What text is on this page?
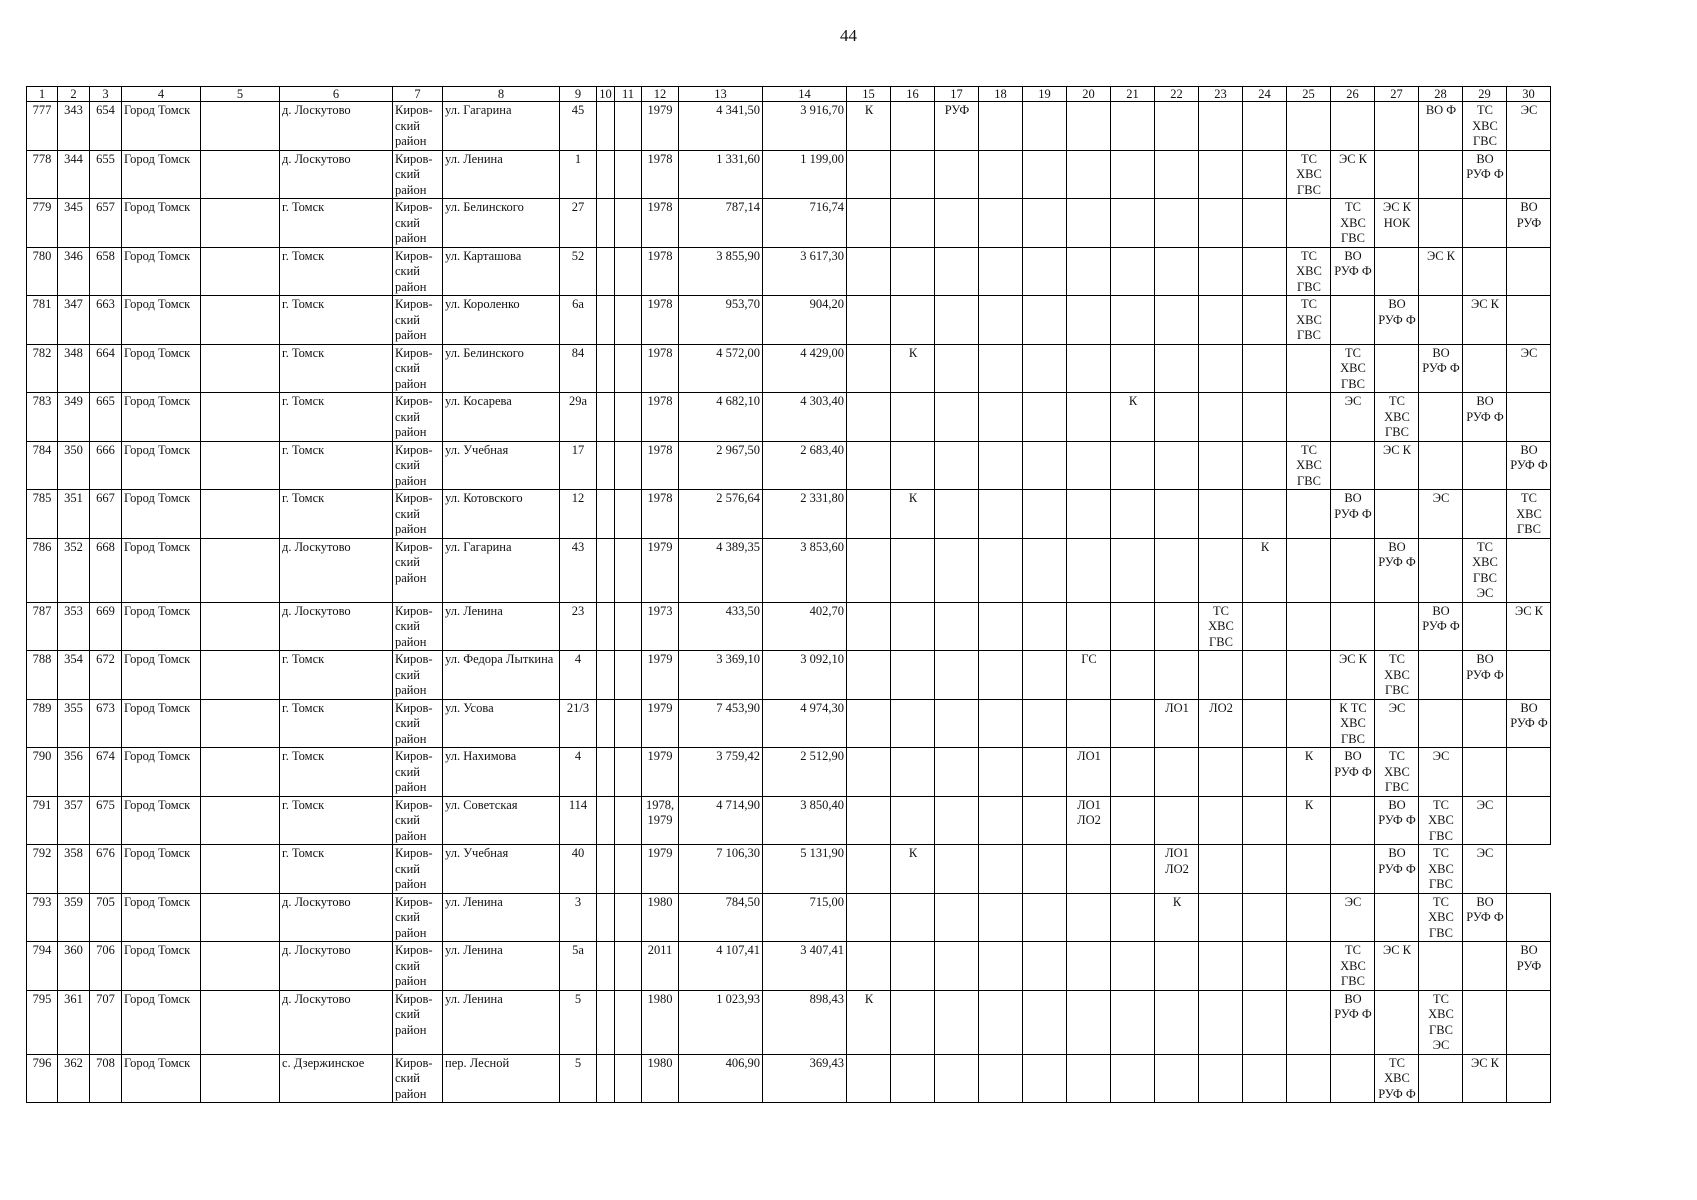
44
1	2	3	4	5	6	7	8	9	10	11	12	13	14	15	16	17	18	19	20	21	22	23	24	25	26	27	28	29	30
777	343	654	Город Томск		д. Лоскутово	Киров-
ский
район	ул. Гагарина	45			1979	4 341,50	3 916,70	К		РУФ											ВО Ф	ТС
ХВС
ГВС	ЭС
778	344	655	Город Томск		д. Лоскутово	Киров-
ский
район	ул. Ленина	1			1978	1 331,60	1 199,00											ТС
ХВС
ГВС	ЭС К			ВО
РУФ Ф	
779	345	657	Город Томск		г. Томск	Киров-
ский
район	ул. Белинского	27			1978	787,14	716,74												ТС
ХВС
ГВС	ЭС К
НОК			ВО
РУФ
780	346	658	Город Томск		г. Томск	Киров-
ский
район	ул. Карташова	52			1978	3 855,90	3 617,30											ТС
ХВС
ГВС	ВО
РУФ Ф		ЭС К		
781	347	663	Город Томск		г. Томск	Киров-
ский
район	ул. Короленко	6а			1978	953,70	904,20											ТС
ХВС
ГВС		ВО
РУФ Ф		ЭС К	
782	348	664	Город Томск		г. Томск	Киров-
ский
район	ул. Белинского	84			1978	4 572,00	4 429,00		К										ТС
ХВС
ГВС		ВО
РУФ Ф		ЭС
783	349	665	Город Томск		г. Томск	Киров-
ский
район	ул. Косарева	29а			1978	4 682,10	4 303,40							К					ЭС	ТС
ХВС
ГВС		ВО
РУФ Ф	
784	350	666	Город Томск		г. Томск	Киров-
ский
район	ул. Учебная	17			1978	2 967,50	2 683,40											ТС
ХВС
ГВС		ЭС К			ВО
РУФ Ф
785	351	667	Город Томск		г. Томск	Киров-
ский
район	ул. Котовского	12			1978	2 576,64	2 331,80		К										ВО
РУФ Ф		ЭС		ТС
ХВС
ГВС
786	352	668	Город Томск		д. Лоскутово	Киров-
ский
район	ул. Гагарина	43			1979	4 389,35	3 853,60										К			ВО
РУФ Ф		ТС
ХВС
ГВС
ЭС	
787	353	669	Город Томск		д. Лоскутово	Киров-
ский
район	ул. Ленина	23			1973	433,50	402,70									ТС
ХВС
ГВС					ВО
РУФ Ф		ЭС К
788	354	672	Город Томск		г. Томск	Киров-
ский
район	ул. Федора Лыткина	4			1979	3 369,10	3 092,10						ГС						ЭС К	ТС
ХВС
ГВС		ВО
РУФ Ф	
789	355	673	Город Томск		г. Томск	Киров-
ский
район	ул. Усова	21/3			1979	7 453,90	4 974,30								ЛО1	ЛО2			К ТС
ХВС
ГВС	ЭС			ВО
РУФ Ф
790	356	674	Город Томск		г. Томск	Киров-
ский
район	ул. Нахимова	4			1979	3 759,42	2 512,90						ЛО1					К	ВО
РУФ Ф	ТС
ХВС
ГВС	ЭС		
791	357	675	Город Томск		г. Томск	Киров-
ский
район	ул. Советская	114			1978,
1979	4 714,90	3 850,40						ЛО1
ЛО2					К		ВО
РУФ Ф	ТС
ХВС
ГВС	ЭС	
792	358	676	Город Томск		г. Томск	Киров-
ский
район	ул. Учебная	40			1979	7 106,30	5 131,90		К						ЛО1
ЛО2					ВО
РУФ Ф	ТС
ХВС
ГВС	ЭС	
793	359	705	Город Томск		д. Лоскутово	Киров-
ский
район	ул. Ленина	3			1980	784,50	715,00								К				ЭС		ТС
ХВС
ГВС	ВО
РУФ Ф	
794	360	706	Город Томск		д. Лоскутово	Киров-
ский
район	ул. Ленина	5а			2011	4 107,41	3 407,41												ТС
ХВС
ГВС	ЭС К			ВО
РУФ
795	361	707	Город Томск		д. Лоскутово	Киров-
ский
район	ул. Ленина	5			1980	1 023,93	898,43	К											ВО
РУФ Ф		ТС
ХВС
ГВС
ЭС		
796	362	708	Город Томск		с. Дзержинское	Киров-
ский
район	пер. Лесной	5			1980	406,90	369,43													ТС
ХВС
РУФ Ф		ЭС К	
